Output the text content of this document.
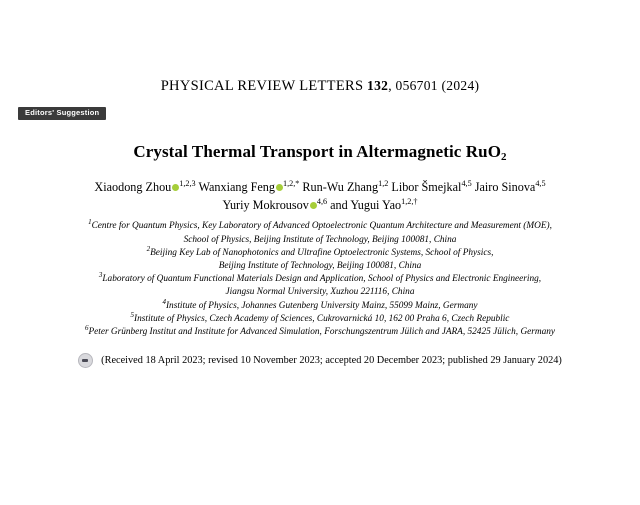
PHYSICAL REVIEW LETTERS 132, 056701 (2024)
Editors' Suggestion
Crystal Thermal Transport in Altermagnetic RuO$_2$
Xiaodong Zhou $^{1,2,3}$ Wanxiang Feng $^{1,2,*}$ Run-Wu Zhang$^{1,2}$ Libor Šmejkal$^{4,5}$ Jairo Sinova$^{4,5}$
Yuriy Mokrousov $^{4,6}$ and Yugui Yao$^{1,2,\dagger}$
$^1$Centre for Quantum Physics, Key Laboratory of Advanced Optoelectronic Quantum Architecture and Measurement (MOE),
School of Physics, Beijing Institute of Technology, Beijing 100081, China
$^2$Beijing Key Lab of Nanophotonics and Ultrafine Optoelectronic Systems, School of Physics,
Beijing Institute of Technology, Beijing 100081, China
$^3$Laboratory of Quantum Functional Materials Design and Application, School of Physics and Electronic Engineering,
Jiangsu Normal University, Xuzhou 221116, China
$^4$Institute of Physics, Johannes Gutenberg University Mainz, 55099 Mainz, Germany
$^5$Institute of Physics, Czech Academy of Sciences, Cukrovarnická 10, 162 00 Praha 6, Czech Republic
$^6$Peter Grünberg Institut and Institute for Advanced Simulation, Forschungszentrum Jülich and JARA, 52425 Jülich, Germany
(Received 18 April 2023; revised 10 November 2023; accepted 20 December 2023; published 29 January 2024)
